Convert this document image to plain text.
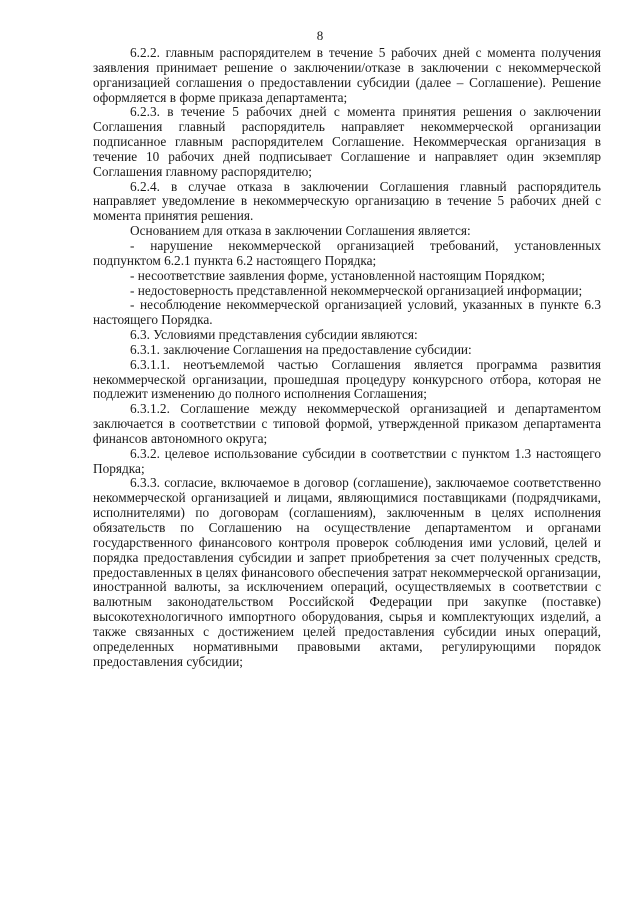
8

6.2.2. главным распорядителем в течение 5 рабочих дней с момента получения заявления принимает решение о заключении/отказе в заключении с некоммерческой организацией соглашения о предоставлении субсидии (далее – Соглашение). Решение оформляется в форме приказа департамента;

6.2.3. в течение 5 рабочих дней с момента принятия решения о заключении Соглашения главный распорядитель направляет некоммерческой организации подписанное главным распорядителем Соглашение. Некоммерческая организация в течение 10 рабочих дней подписывает Соглашение и направляет один экземпляр Соглашения главному распорядителю;

6.2.4. в случае отказа в заключении Соглашения главный распорядитель направляет уведомление в некоммерческую организацию в течение 5 рабочих дней с момента принятия решения.

Основанием для отказа в заключении Соглашения является:

- нарушение некоммерческой организацией требований, установленных подпунктом 6.2.1 пункта 6.2 настоящего Порядка;

- несоответствие заявления форме, установленной настоящим Порядком;

- недостоверность представленной некоммерческой организацией информации;

- несоблюдение некоммерческой организацией условий, указанных в пункте 6.3 настоящего Порядка.

6.3. Условиями представления субсидии являются:

6.3.1. заключение Соглашения на предоставление субсидии:

6.3.1.1. неотъемлемой частью Соглашения является программа развития некоммерческой организации, прошедшая процедуру конкурсного отбора, которая не подлежит изменению до полного исполнения Соглашения;

6.3.1.2. Соглашение между некоммерческой организацией и департаментом заключается в соответствии с типовой формой, утвержденной приказом департамента финансов автономного округа;

6.3.2. целевое использование субсидии в соответствии с пунктом 1.3 настоящего Порядка;

6.3.3. согласие, включаемое в договор (соглашение), заключаемое соответственно некоммерческой организацией и лицами, являющимися поставщиками (подрядчиками, исполнителями) по договорам (соглашениям), заключенным в целях исполнения обязательств по Соглашению на осуществление департаментом и органами государственного финансового контроля проверок соблюдения ими условий, целей и порядка предоставления субсидии и запрет приобретения за счет полученных средств, предоставленных в целях финансового обеспечения затрат некоммерческой организации, иностранной валюты, за исключением операций, осуществляемых в соответствии с валютным законодательством Российской Федерации при закупке (поставке) высокотехнологичного импортного оборудования, сырья и комплектующих изделий, а также связанных с достижением целей предоставления субсидии иных операций, определенных нормативными правовыми актами, регулирующими порядок предоставления субсидии;
